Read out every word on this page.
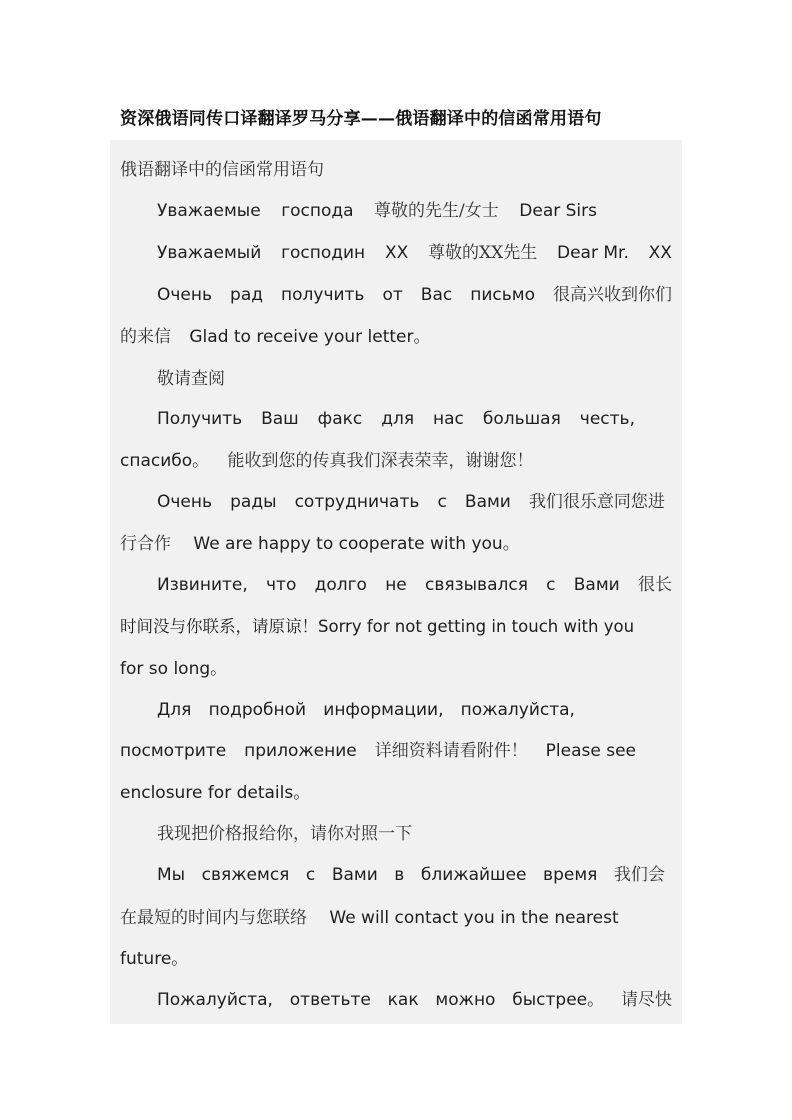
资深俄语同传口译翻译罗马分享——俄语翻译中的信函常用语句
俄语翻译中的信函常用语句
Уважаемые господа 尊敬的先生/女士 Dear Sirs
Уважаемый господин XX 尊敬的XX先生 Dear Mr. XX
Очень рад получить от Вас письмо 很高兴收到你们
的来信 Glad to receive your letter。
敬请查阅
Получить Ваш факс для нас большая честь,
спасибо。 能收到您的传真我们深表荣幸，谢谢您！
Очень рады сотрудничать с Вами 我们很乐意同您进
行合作 We are happy to cooperate with you。
Извините, что долго не связывался с Вами 很长
时间没与你联系，请原谅！Sorry for not getting in touch with you
for so long。
Для подробной информации, пожалуйста,
посмотрите приложение 详细资料请看附件！ Please see
enclosure for details。
我现把价格报给你，请你对照一下
Мы свяжемся с Вами в ближайшее время 我们会
在最短的时间内与您联络 We will contact you in the nearest
future。
Пожалуйста, ответьте как можно быстрее。 请尽快
